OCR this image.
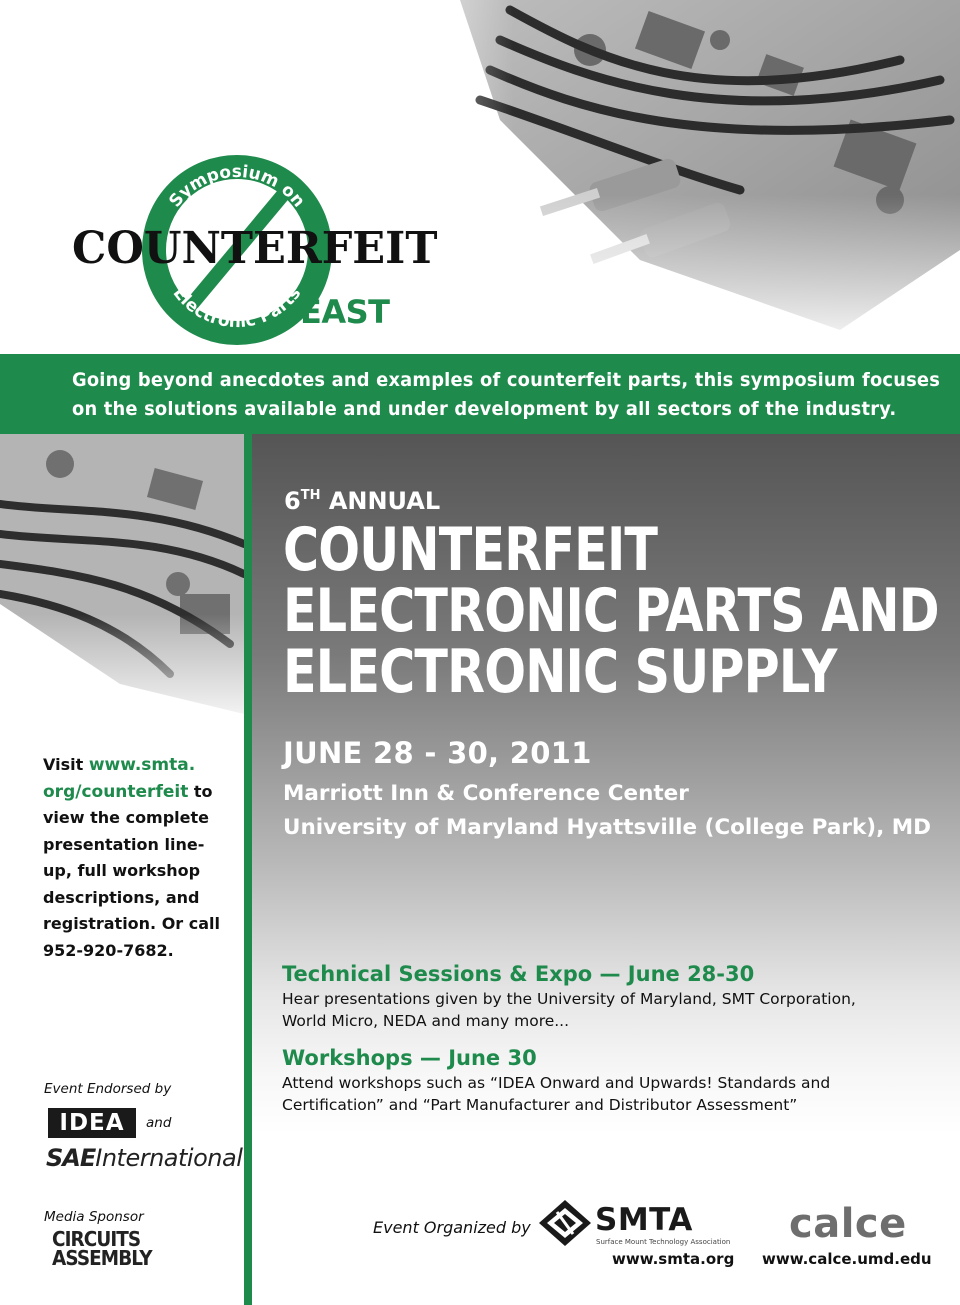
Symposium on
Electronic Parts
COUNTERFEIT
EAST
Going beyond anecdotes and examples of counterfeit parts, this symposium focuses
on the solutions available and under development by all sectors of the industry.
Visit www.smta.
org/counterfeit to view the complete presentation line-up, full workshop descriptions, and registration. Or call 952-920-7682.
Event Endorsed by
IDEA	and
SAEInternational
Media Sponsor
CIRCUITS
ASSEMBLY
6TH ANNUAL
COUNTERFEIT
ELECTRONIC PARTS AND
ELECTRONIC SUPPLY
JUNE 28 - 30, 2011
Marriott Inn & Conference Center
University of Maryland Hyattsville (College Park), MD
Technical Sessions & Expo — June 28-30
Hear presentations given by the University of Maryland, SMT Corporation, World Micro, NEDA and many more...
Workshops — June 30
Attend workshops such as “IDEA Onward and Upwards! Standards and Certification” and “Part Manufacturer and Distributor Assessment”
Event Organized by SMTA
Surface Mount Technology Association
www.smta.org
calce
www.calce.umd.edu
